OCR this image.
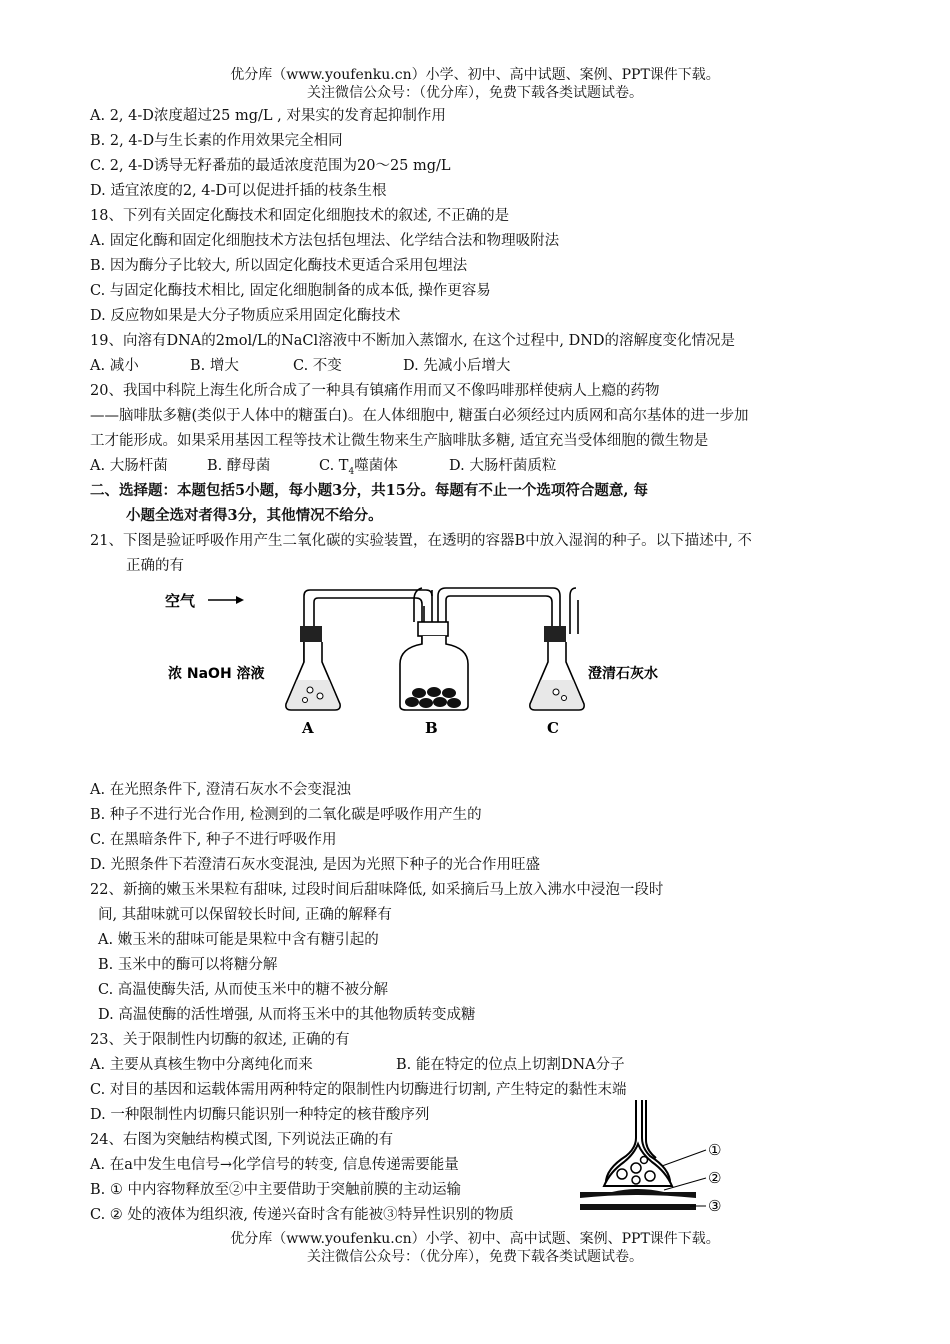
优分库（www.youfenku.cn）小学、初中、高中试题、案例、PPT课件下载。
关注微信公众号：（优分库），免费下载各类试题试卷。
A. 2, 4-D浓度超过25 mg/L , 对果实的发育起抑制作用
B. 2, 4-D与生长素的作用效果完全相同
C. 2, 4-D诱导无籽番茄的最适浓度范围为20～25 mg/L
D. 适宜浓度的2, 4-D可以促进扦插的枝条生根
18、下列有关固定化酶技术和固定化细胞技术的叙述, 不正确的是
A. 固定化酶和固定化细胞技术方法包括包埋法、化学结合法和物理吸附法
B. 因为酶分子比较大, 所以固定化酶技术更适合采用包埋法
C. 与固定化酶技术相比, 固定化细胞制备的成本低, 操作更容易
D. 反应物如果是大分子物质应采用固定化酶技术
19、向溶有DNA的2mol/L的NaCl溶液中不断加入蒸馏水, 在这个过程中, DND的溶解度变化情况是
A. 减小	B. 增大	C. 不变	D. 先减小后增大
20、我国中科院上海生化所合成了一种具有镇痛作用而又不像吗啡那样使病人上瘾的药物
——脑啡肽多糖(类似于人体中的糖蛋白)。在人体细胞中, 糖蛋白必须经过内质网和高尔基体的进一步加
工才能形成。如果采用基因工程等技术让微生物来生产脑啡肽多糖, 适宜充当受体细胞的微生物是
A. 大肠杆菌	B. 酵母菌	C. $T_4$噬菌体	D. 大肠杆菌质粒
二、选择题：本题包括5小题，每小题3分，共15分。每题有不止一个选项符合题意, 每
小题全选对者得3分，其他情况不给分。
21、下图是验证呼吸作用产生二氧化碳的实验装置，在透明的容器B中放入湿润的种子。以下描述中, 不
正确的有
空气
浓 NaOH 溶液	澄清石灰水
A	B	C
A. 在光照条件下, 澄清石灰水不会变混浊
B. 种子不进行光合作用, 检测到的二氧化碳是呼吸作用产生的
C. 在黑暗条件下, 种子不进行呼吸作用
D. 光照条件下若澄清石灰水变混浊, 是因为光照下种子的光合作用旺盛
22、新摘的嫩玉米果粒有甜味, 过段时间后甜味降低, 如采摘后马上放入沸水中浸泡一段时
间, 其甜味就可以保留较长时间, 正确的解释有
A. 嫩玉米的甜味可能是果粒中含有糖引起的
B. 玉米中的酶可以将糖分解
C. 高温使酶失活, 从而使玉米中的糖不被分解
D. 高温使酶的活性增强, 从而将玉米中的其他物质转变成糖
23、关于限制性内切酶的叙述, 正确的有
A. 主要从真核生物中分离纯化而来	B. 能在特定的位点上切割DNA分子
C. 对目的基因和运载体需用两种特定的限制性内切酶进行切割, 产生特定的黏性末端
D. 一种限制性内切酶只能识别一种特定的核苷酸序列
24、右图为突触结构模式图, 下列说法正确的有
A. 在a中发生电信号→化学信号的转变, 信息传递需要能量
B. ① 中内容物释放至②中主要借助于突触前膜的主动运输
C. ② 处的液体为组织液, 传递兴奋时含有能被③特异性识别的物质
①
②
③
优分库（www.youfenku.cn）小学、初中、高中试题、案例、PPT课件下载。
关注微信公众号：（优分库），免费下载各类试题试卷。
